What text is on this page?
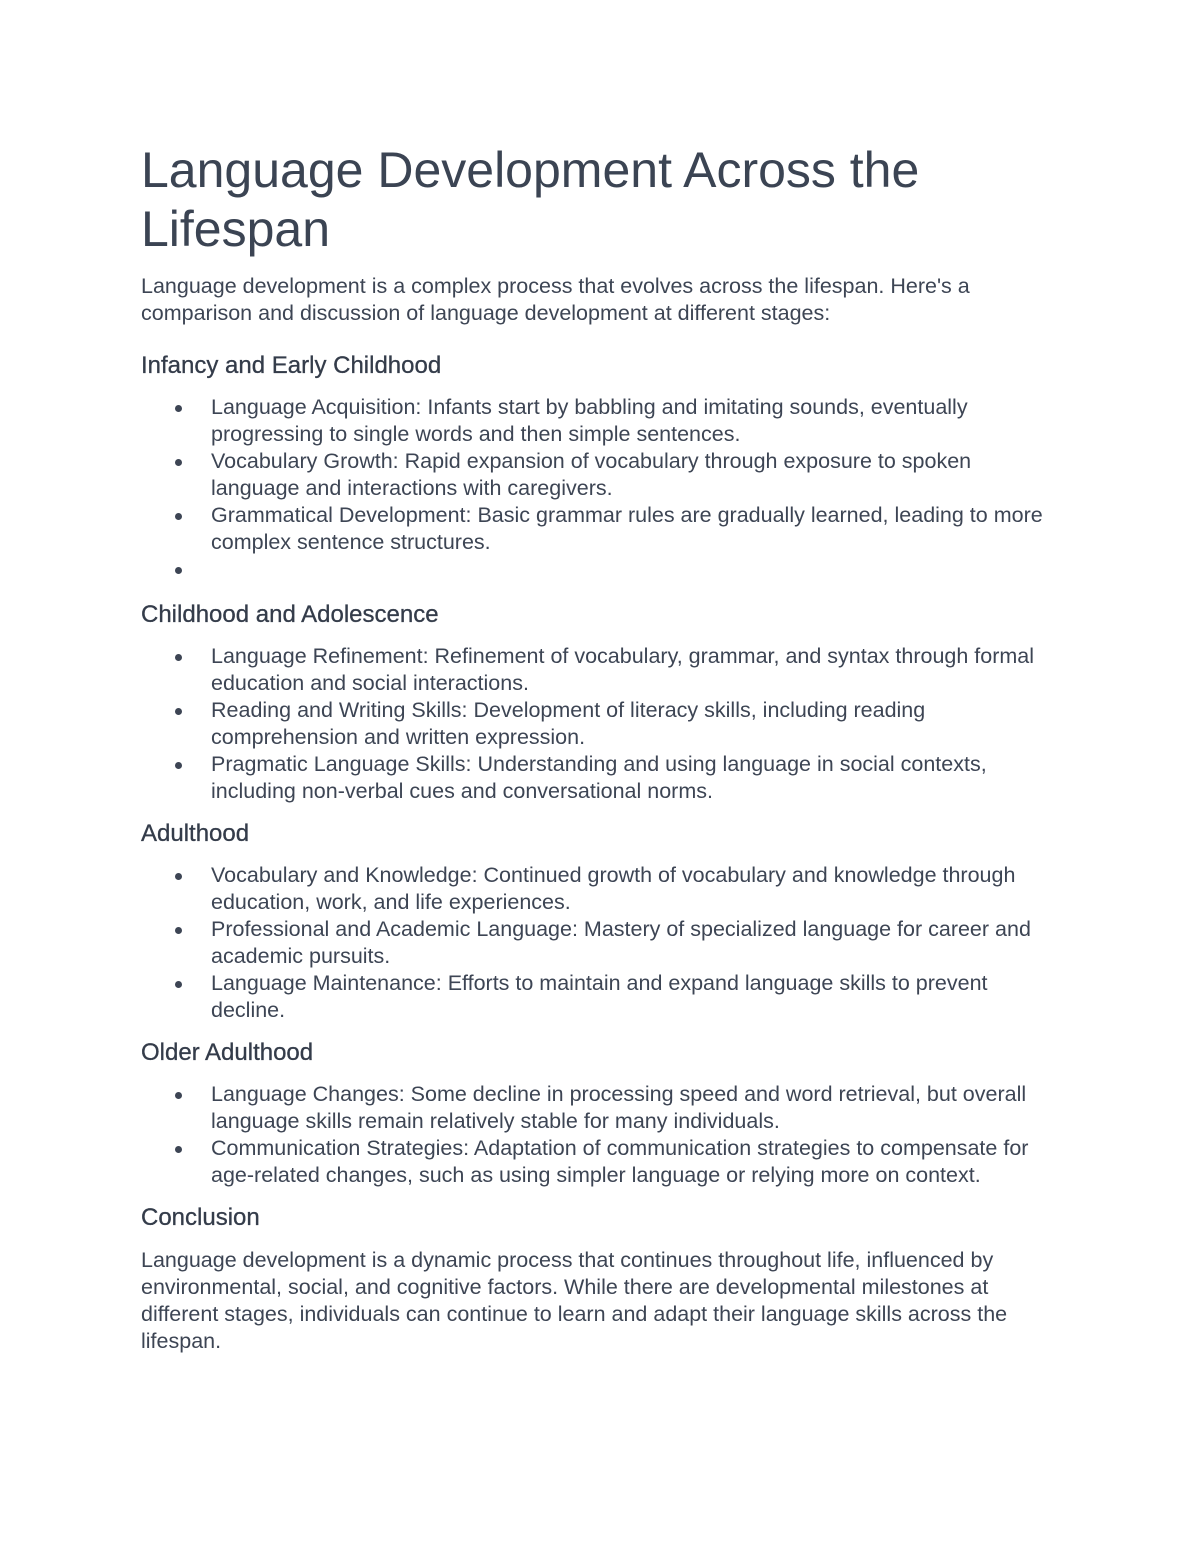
Language Development Across the
Lifespan

Language development is a complex process that evolves across the lifespan. Here's a comparison and discussion of language development at different stages:

Infancy and Early Childhood
Language Acquisition: Infants start by babbling and imitating sounds, eventually progressing to single words and then simple sentences.
Vocabulary Growth: Rapid expansion of vocabulary through exposure to spoken language and interactions with caregivers.
Grammatical Development: Basic grammar rules are gradually learned, leading to more complex sentence structures.
Childhood and Adolescence
Language Refinement: Refinement of vocabulary, grammar, and syntax through formal education and social interactions.
Reading and Writing Skills: Development of literacy skills, including reading comprehension and written expression.
Pragmatic Language Skills: Understanding and using language in social contexts, including non-verbal cues and conversational norms.
Adulthood
Vocabulary and Knowledge: Continued growth of vocabulary and knowledge through education, work, and life experiences.
Professional and Academic Language: Mastery of specialized language for career and academic pursuits.
Language Maintenance: Efforts to maintain and expand language skills to prevent decline.
Older Adulthood
Language Changes: Some decline in processing speed and word retrieval, but overall language skills remain relatively stable for many individuals.
Communication Strategies: Adaptation of communication strategies to compensate for age-related changes, such as using simpler language or relying more on context.
Conclusion

Language development is a dynamic process that continues throughout life, influenced by environmental, social, and cognitive factors. While there are developmental milestones at different stages, individuals can continue to learn and adapt their language skills across the lifespan.
